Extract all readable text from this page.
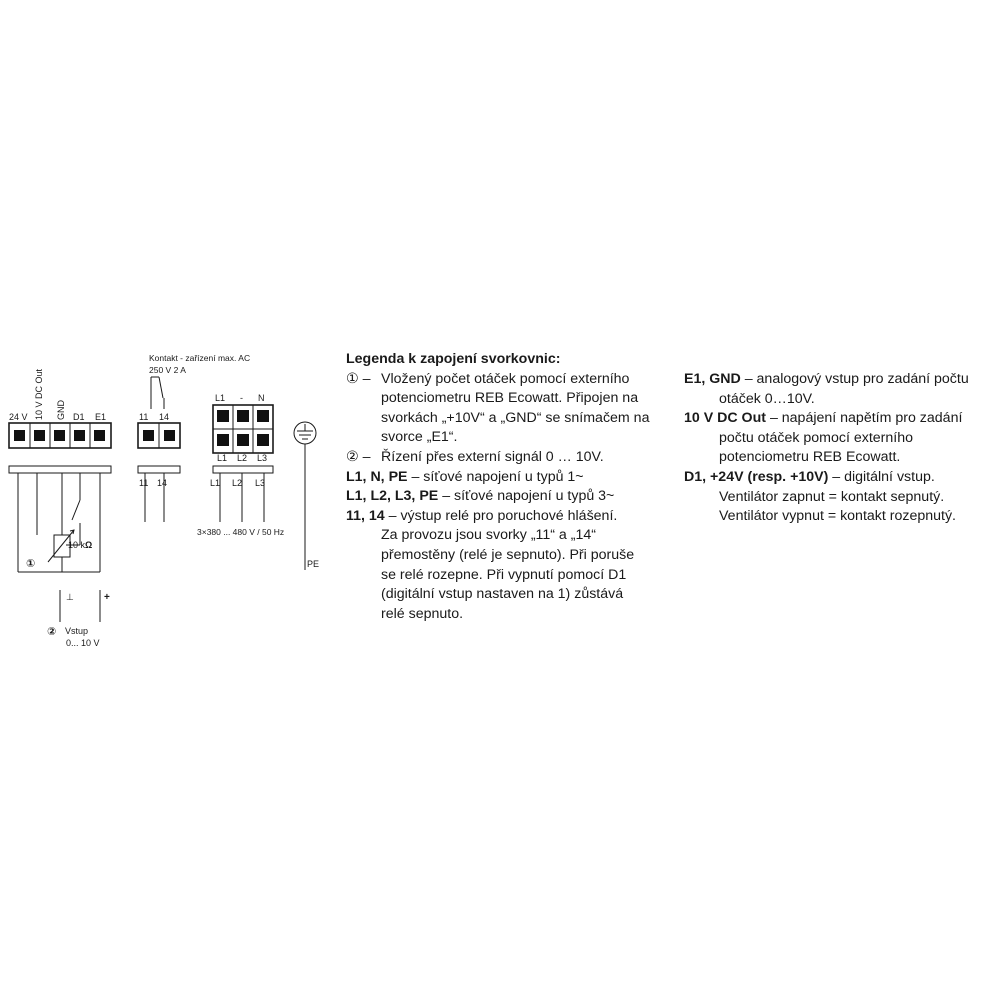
24 V 10 V DC Out GND D1 E1
10 kΩ
①
⊥	+
② Vstup
0... 10 V
Kontakt - zařízení max. AC
250 V 2 A
11 14
11 14
L1 - N
L1 L2 L3
L1 L2 L3
3×380 ... 480 V / 50 Hz
PE
Legenda k zapojení svorkovnic:
① – Vložený počet otáček pomocí externího potenciometru REB Ecowatt. Připojen na svorkách „+10V“ a „GND“ se snímačem na svorce „E1“.
② – Řízení přes externí signál 0 … 10V.
L1, N, PE – síťové napojení u typů 1~
L1, L2, L3, PE – síťové napojení u typů 3~
11, 14 – výstup relé pro poruchové hlášení.
Za provozu jsou svorky „11“ a „14“ přemostěny (relé je sepnuto). Při poruše se relé rozepne. Při vypnutí pomocí D1 (digitální vstup nastaven na 1) zůstává relé sepnuto.
E1, GND – analogový vstup pro zadání počtu
otáček 0…10V.
10 V DC Out – napájení napětím pro zadání
počtu otáček pomocí externího potenciometru REB Ecowatt.
D1, +24V (resp. +10V) – digitální vstup.
Ventilátor zapnut = kontakt sepnutý.
Ventilátor vypnut = kontakt rozepnutý.
